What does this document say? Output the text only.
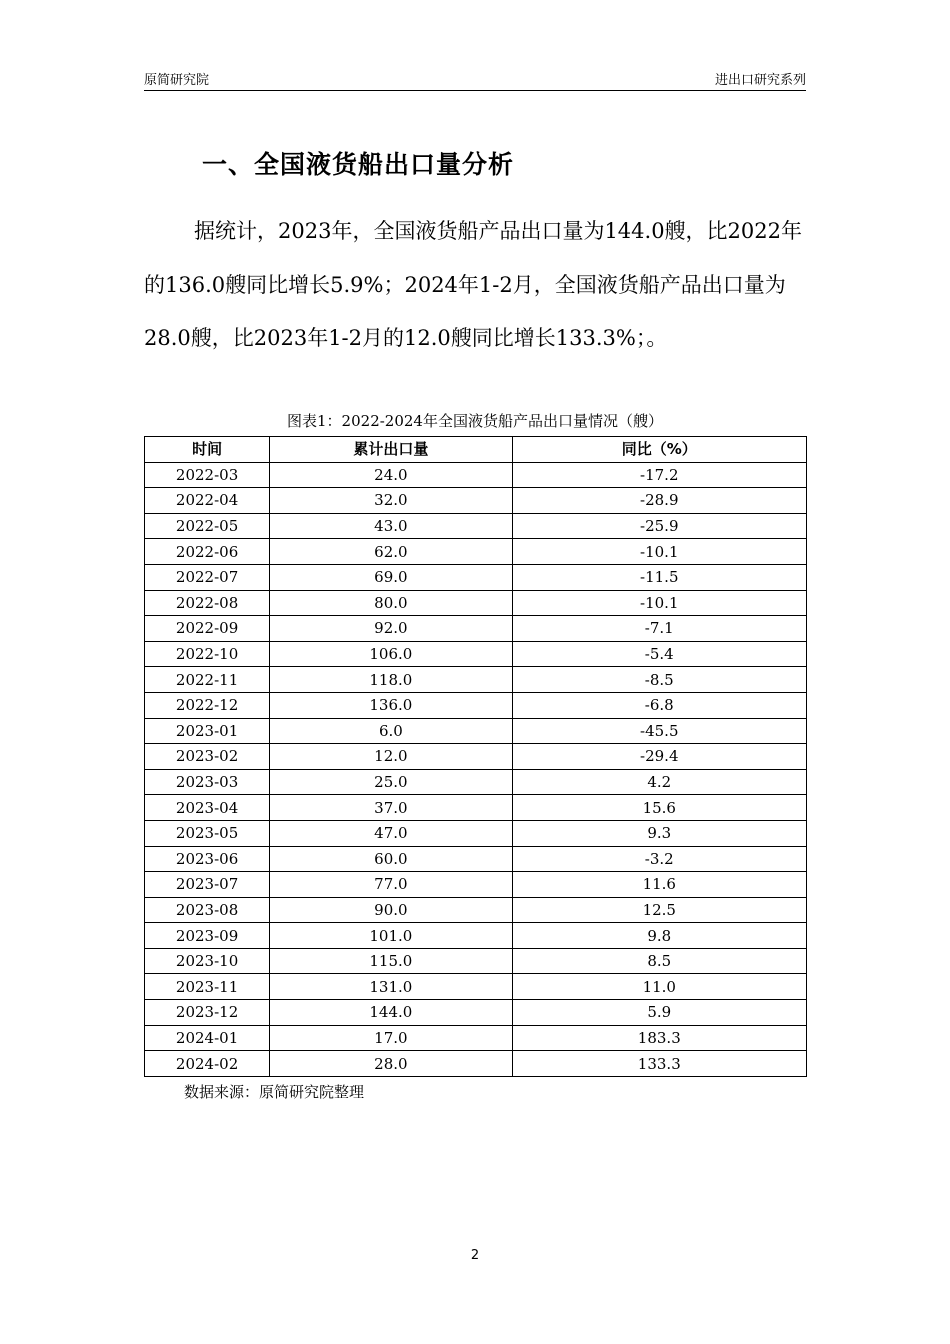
原简研究院	进出口研究系列
一、全国液货船出口量分析

据统计，2023年，全国液货船产品出口量为144.0艘，比2022年的136.0艘同比增长5.9%；2024年1-2月，全国液货船产品出口量为28.0艘，比2023年1-2月的12.0艘同比增长133.3%；。

图表1：2022-2024年全国液货船产品出口量情况（艘）
时间	累计出口量	同比（%）
2022-03	24.0	-17.2
2022-04	32.0	-28.9
2022-05	43.0	-25.9
2022-06	62.0	-10.1
2022-07	69.0	-11.5
2022-08	80.0	-10.1
2022-09	92.0	-7.1
2022-10	106.0	-5.4
2022-11	118.0	-8.5
2022-12	136.0	-6.8
2023-01	6.0	-45.5
2023-02	12.0	-29.4
2023-03	25.0	4.2
2023-04	37.0	15.6
2023-05	47.0	9.3
2023-06	60.0	-3.2
2023-07	77.0	11.6
2023-08	90.0	12.5
2023-09	101.0	9.8
2023-10	115.0	8.5
2023-11	131.0	11.0
2023-12	144.0	5.9
2024-01	17.0	183.3
2024-02	28.0	133.3
数据来源：原简研究院整理
2
